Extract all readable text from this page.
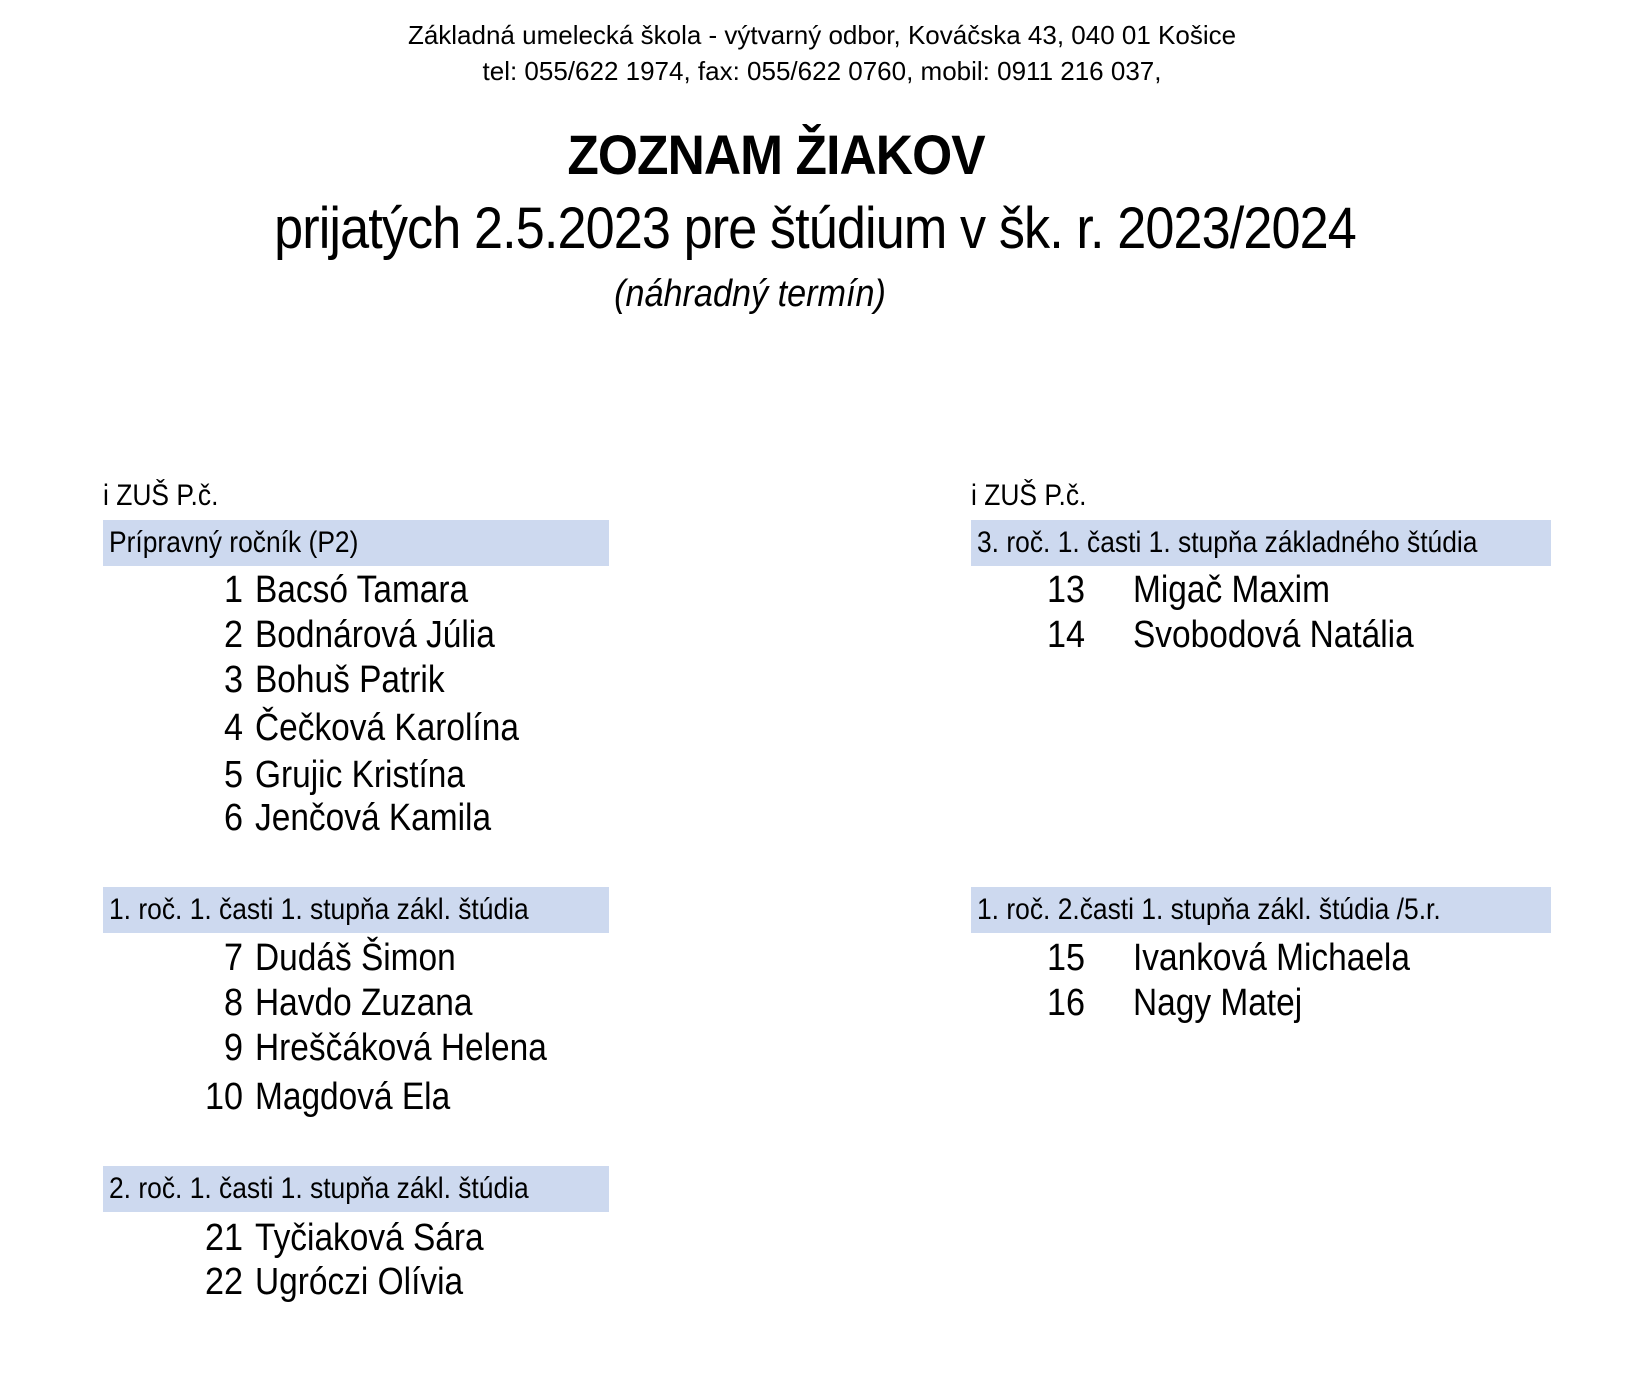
Základná umelecká škola - výtvarný odbor, Kováčska 43, 040 01 Košice
tel: 055/622 1974, fax: 055/622 0760, mobil: 0911 216 037,
ZOZNAM ŽIAKOV
prijatých 2.5.2023 pre štúdium v šk. r. 2023/2024
(náhradný termín)
i ZUŠ P.č.
Prípravný ročník (P2)
1 Bacsó Tamara
2 Bodnárová Júlia
3 Bohuš Patrik
4 Čečková Karolína
5 Grujic Kristína
6 Jenčová Kamila
1. roč. 1. časti 1. stupňa zákl. štúdia
7 Dudáš Šimon
8 Havdo Zuzana
9 Hreščáková Helena
10 Magdová Ela
2. roč. 1. časti 1. stupňa zákl. štúdia
21 Tyčiaková Sára
22 Ugróczi Olívia
i ZUŠ P.č.
3. roč. 1. časti 1. stupňa základného štúdia
13 Migač Maxim
14 Svobodová Natália
1. roč. 2.časti 1. stupňa zákl. štúdia /5.r.
15 Ivanková Michaela
16 Nagy Matej
